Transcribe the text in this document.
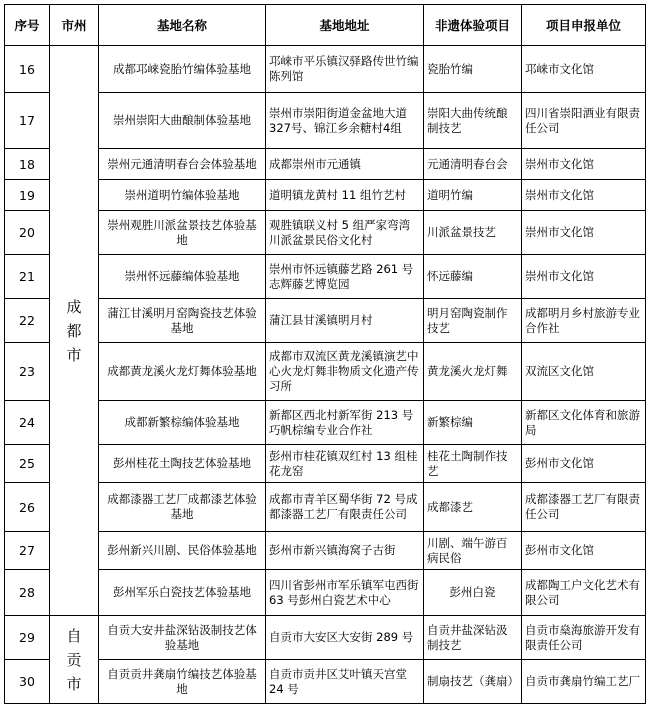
序号	市州	基地名称	基地地址	非遗体验项目	项目申报单位
16	成都市	成都邛崃瓷胎竹编体验基地	邛崃市平乐镇汉驿路传世竹编陈列馆	瓷胎竹编	邛崃市文化馆
17		崇州崇阳大曲酿制体验基地	崇州市崇阳街道金盆地大道327号、锦江乡余糖村4组	崇阳大曲传统酿制技艺	四川省崇阳酒业有限责任公司
18		崇州元通清明春台会体验基地	成都崇州市元通镇	元通清明春台会	崇州市文化馆
19		崇州道明竹编体验基地	道明镇龙黄村 11 组竹艺村	道明竹编	崇州市文化馆
20		崇州观胜川派盆景技艺体验基地	观胜镇联义村 5 组严家弯湾川派盆景民俗文化村	川派盆景技艺	崇州市文化馆
21		崇州怀远藤编体验基地	崇州市怀远镇藤艺路 261 号志辉藤艺博览园	怀远藤编	崇州市文化馆
22		蒲江甘溪明月窑陶瓷技艺体验基地	蒲江县甘溪镇明月村	明月窑陶瓷制作技艺	成都明月乡村旅游专业合作社
23		成都黄龙溪火龙灯舞体验基地	成都市双流区黄龙溪镇演艺中心火龙灯舞非物质文化遗产传习所	黄龙溪火龙灯舞	双流区文化馆
24		成都新繁棕编体验基地	新都区西北村新军街 213 号巧帆棕编专业合作社	新繁棕编	新都区文化体育和旅游局
25		彭州桂花土陶技艺体验基地	彭州市桂花镇双红村 13 组桂花龙窑	桂花土陶制作技艺	彭州市文化馆
26		成都漆器工艺厂成都漆艺体验基地	成都市青羊区蜀华街 72 号成都漆器工艺厂有限责任公司	成都漆艺	成都漆器工艺厂有限责任公司
27		彭州新兴川剧、民俗体验基地	彭州市新兴镇海窝子古街	川剧、端午游百病民俗	彭州市文化馆
28		彭州军乐白瓷技艺体验基地	四川省彭州市军乐镇军屯西街 63 号彭州白瓷艺术中心	彭州白瓷	成都陶工户文化艺术有限公司
29	自贡市	自贡大安井盐深钻汲制技艺体验基地	自贡市大安区大安街 289 号	自贡井盐深钻汲制技艺	自贡市燊海旅游开发有限责任公司
30		自贡贡井龚扇竹编技艺体验基地	自贡市贡井区艾叶镇天宫堂 24 号	制扇技艺（龚扇）	自贡市龚扇竹编工艺厂
